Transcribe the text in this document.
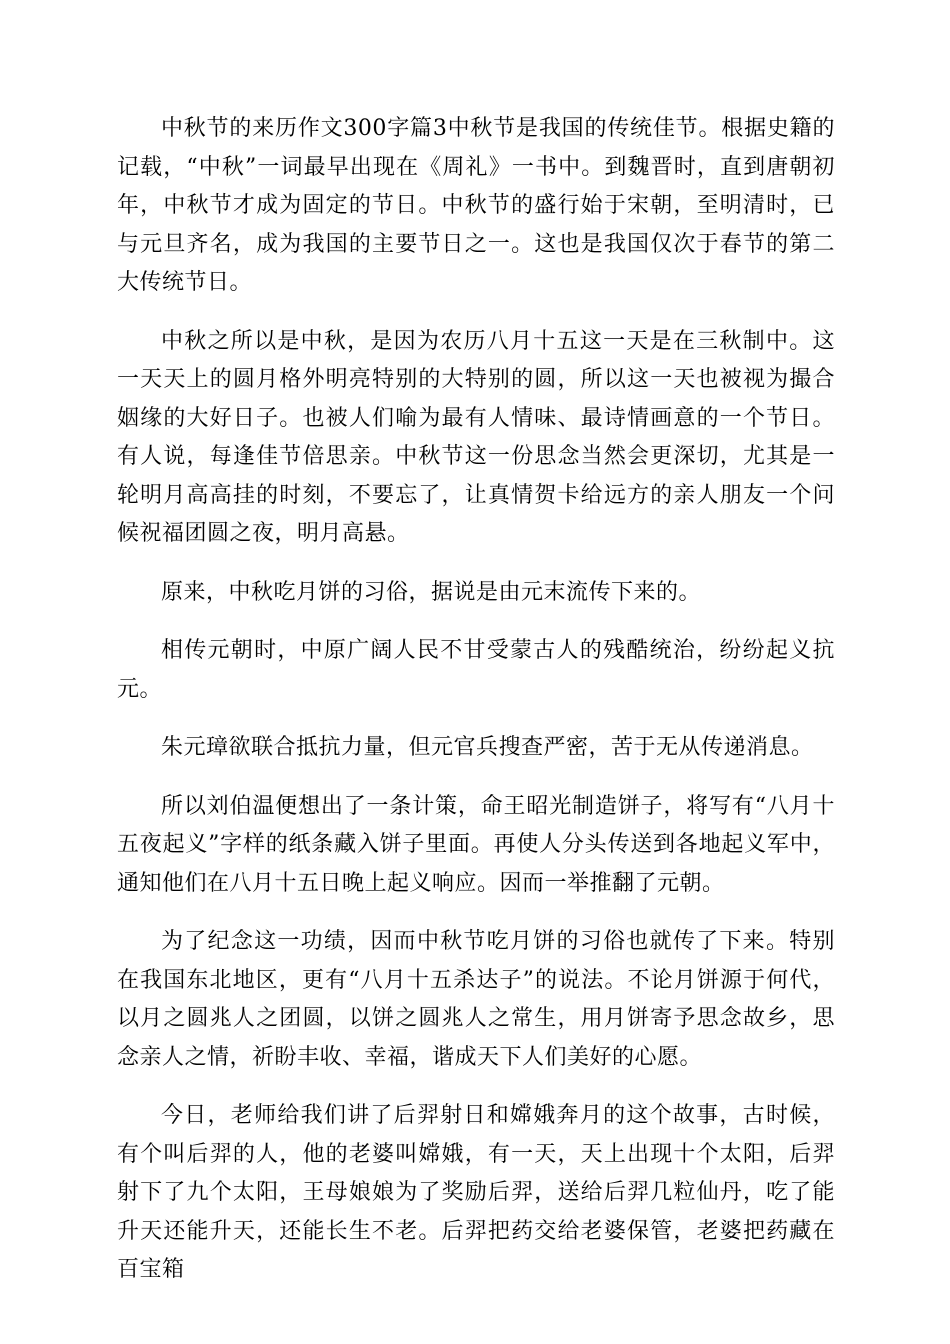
中秋节的来历作文300字篇3中秋节是我国的传统佳节。根据史籍的记载，“中秋”一词最早出现在《周礼》一书中。到魏晋时，直到唐朝初年，中秋节才成为固定的节日。中秋节的盛行始于宋朝，至明清时，已与元旦齐名，成为我国的主要节日之一。这也是我国仅次于春节的第二大传统节日。

中秋之所以是中秋，是因为农历八月十五这一天是在三秋制中。这一天天上的圆月格外明亮特别的大特别的圆，所以这一天也被视为撮合姻缘的大好日子。也被人们喻为最有人情味、最诗情画意的一个节日。有人说，每逢佳节倍思亲。中秋节这一份思念当然会更深切，尤其是一轮明月高高挂的时刻，不要忘了，让真情贺卡给远方的亲人朋友一个问候祝福团圆之夜，明月高悬。

原来，中秋吃月饼的习俗，据说是由元末流传下来的。

相传元朝时，中原广阔人民不甘受蒙古人的残酷统治，纷纷起义抗元。

朱元璋欲联合抵抗力量，但元官兵搜查严密，苦于无从传递消息。

所以刘伯温便想出了一条计策，命王昭光制造饼子，将写有“八月十五夜起义”字样的纸条藏入饼子里面。再使人分头传送到各地起义军中，通知他们在八月十五日晚上起义响应。因而一举推翻了元朝。

为了纪念这一功绩，因而中秋节吃月饼的习俗也就传了下来。特别在我国东北地区，更有“八月十五杀达子”的说法。不论月饼源于何代，以月之圆兆人之团圆，以饼之圆兆人之常生，用月饼寄予思念故乡，思念亲人之情，祈盼丰收、幸福，谐成天下人们美好的心愿。

今日，老师给我们讲了后羿射日和嫦娥奔月的这个故事，古时候，有个叫后羿的人，他的老婆叫嫦娥，有一天，天上出现十个太阳，后羿射下了九个太阳，王母娘娘为了奖励后羿，送给后羿几粒仙丹，吃了能升天还能升天，还能长生不老。后羿把药交给老婆保管，老婆把药藏在百宝箱
